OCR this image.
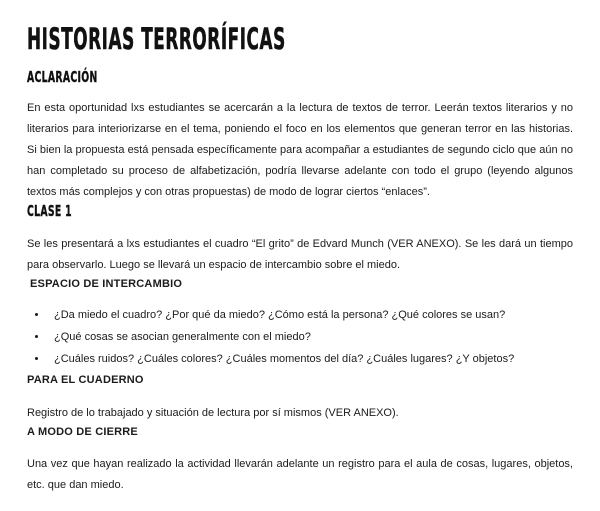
HISTORIAS TERRORÍFICAS
ACLARACIÓN

En esta oportunidad lxs estudiantes se acercarán a la lectura de textos de terror. Leerán textos literarios y no literarios para interiorizarse en el tema, poniendo el foco en los elementos que generan terror en las historias. Si bien la propuesta está pensada específicamente para acompañar a estudiantes de segundo ciclo que aún no han completado su proceso de alfabetización, podría llevarse adelante con todo el grupo (leyendo algunos textos más complejos y con otras propuestas) de modo de lograr ciertos “enlaces”.

CLASE 1

Se les presentará a lxs estudiantes el cuadro “El grito” de Edvard Munch (VER ANEXO). Se les dará un tiempo para observarlo. Luego se llevará un espacio de intercambio sobre el miedo.

ESPACIO DE INTERCAMBIO
• ¿Da miedo el cuadro? ¿Por qué da miedo? ¿Cómo está la persona? ¿Qué colores se usan?
• ¿Qué cosas se asocian generalmente con el miedo?
• ¿Cuáles ruidos? ¿Cuáles colores? ¿Cuáles momentos del día? ¿Cuáles lugares? ¿Y objetos?
PARA EL CUADERNO

Registro de lo trabajado y situación de lectura por sí mismos (VER ANEXO).

A MODO DE CIERRE

Una vez que hayan realizado la actividad llevarán adelante un registro para el aula de cosas, lugares, objetos, etc. que dan miedo.
